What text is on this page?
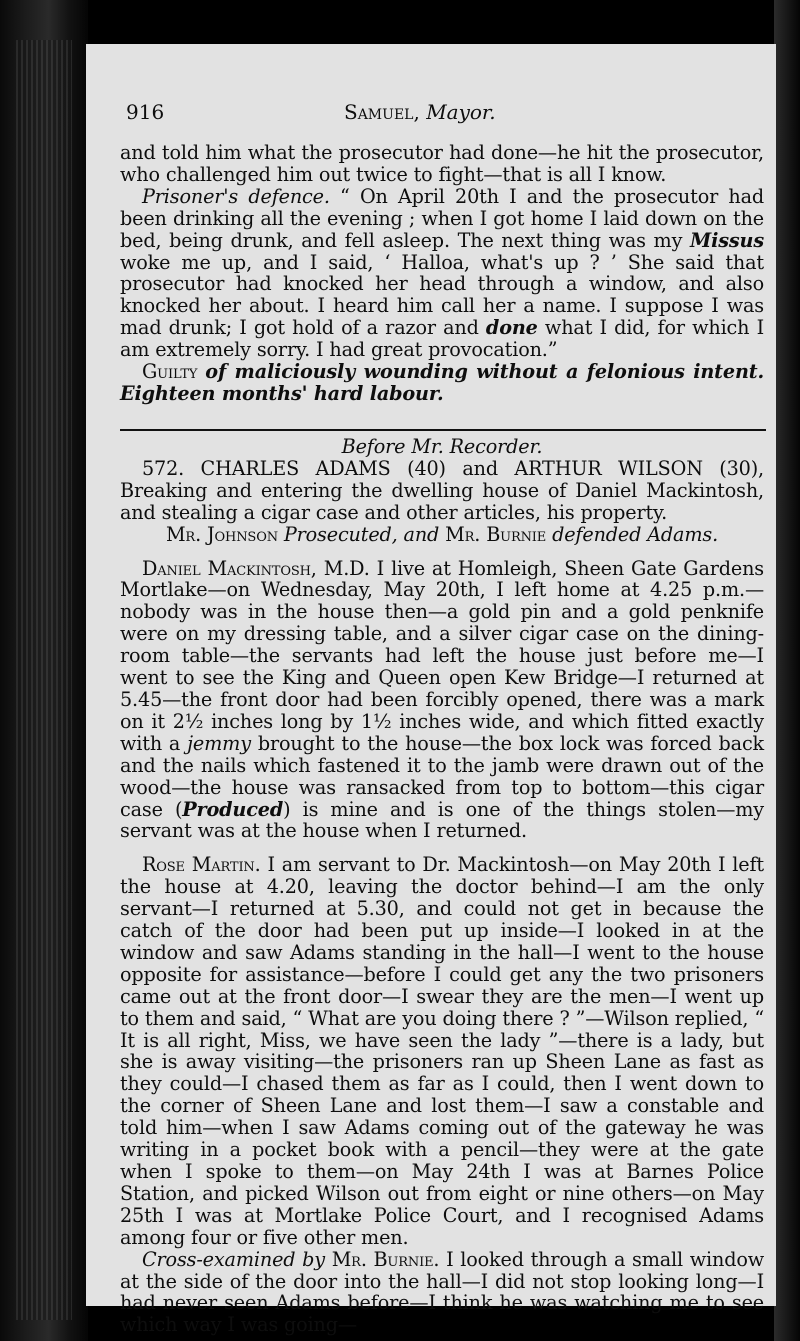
916	Samuel, Mayor.

and told him what the prosecutor had done—he hit the prosecutor, who challenged him out twice to fight—that is all I know.

Prisoner's defence. “ On April 20th I and the prosecutor had been drinking all the evening ; when I got home I laid down on the bed, being drunk, and fell asleep. The next thing was my Missus woke me up, and I said, ‘ Halloa, what's up ? ’ She said that prosecutor had knocked her head through a window, and also knocked her about. I heard him call her a name. I suppose I was mad drunk; I got hold of a razor and done what I did, for which I am extremely sorry. I had great provocation.”

Guilty of maliciously wounding without a felonious intent. Eighteen months' hard labour.

Before Mr. Recorder.

572. CHARLES ADAMS (40) and ARTHUR WILSON (30), Breaking and entering the dwelling house of Daniel Mackintosh, and stealing a cigar case and other articles, his property.

Mr. Johnson Prosecuted, and Mr. Burnie defended Adams.

Daniel Mackintosh, M.D. I live at Homleigh, Sheen Gate Gardens Mortlake—on Wednesday, May 20th, I left home at 4.25 p.m.—nobody was in the house then—a gold pin and a gold penknife were on my dressing table, and a silver cigar case on the dining-room table—the servants had left the house just before me—I went to see the King and Queen open Kew Bridge—I returned at 5.45—the front door had been forcibly opened, there was a mark on it 2½ inches long by 1½ inches wide, and which fitted exactly with a jemmy brought to the house—the box lock was forced back and the nails which fastened it to the jamb were drawn out of the wood—the house was ransacked from top to bottom—this cigar case (Produced) is mine and is one of the things stolen—my servant was at the house when I returned.

Rose Martin. I am servant to Dr. Mackintosh—on May 20th I left the house at 4.20, leaving the doctor behind—I am the only servant—I returned at 5.30, and could not get in because the catch of the door had been put up inside—I looked in at the window and saw Adams standing in the hall—I went to the house opposite for assistance—before I could get any the two prisoners came out at the front door—I swear they are the men—I went up to them and said, “ What are you doing there ? ”—Wilson replied, “ It is all right, Miss, we have seen the lady ”—there is a lady, but she is away visiting—the prisoners ran up Sheen Lane as fast as they could—I chased them as far as I could, then I went down to the corner of Sheen Lane and lost them—I saw a constable and told him—when I saw Adams coming out of the gateway he was writing in a pocket book with a pencil—they were at the gate when I spoke to them—on May 24th I was at Barnes Police Station, and picked Wilson out from eight or nine others—on May 25th I was at Mortlake Police Court, and I recognised Adams among four or five other men.

Cross-examined by Mr. Burnie. I looked through a small window at the side of the door into the hall—I did not stop looking long—I had never seen Adams before—I think he was watching me to see which way I was going—
